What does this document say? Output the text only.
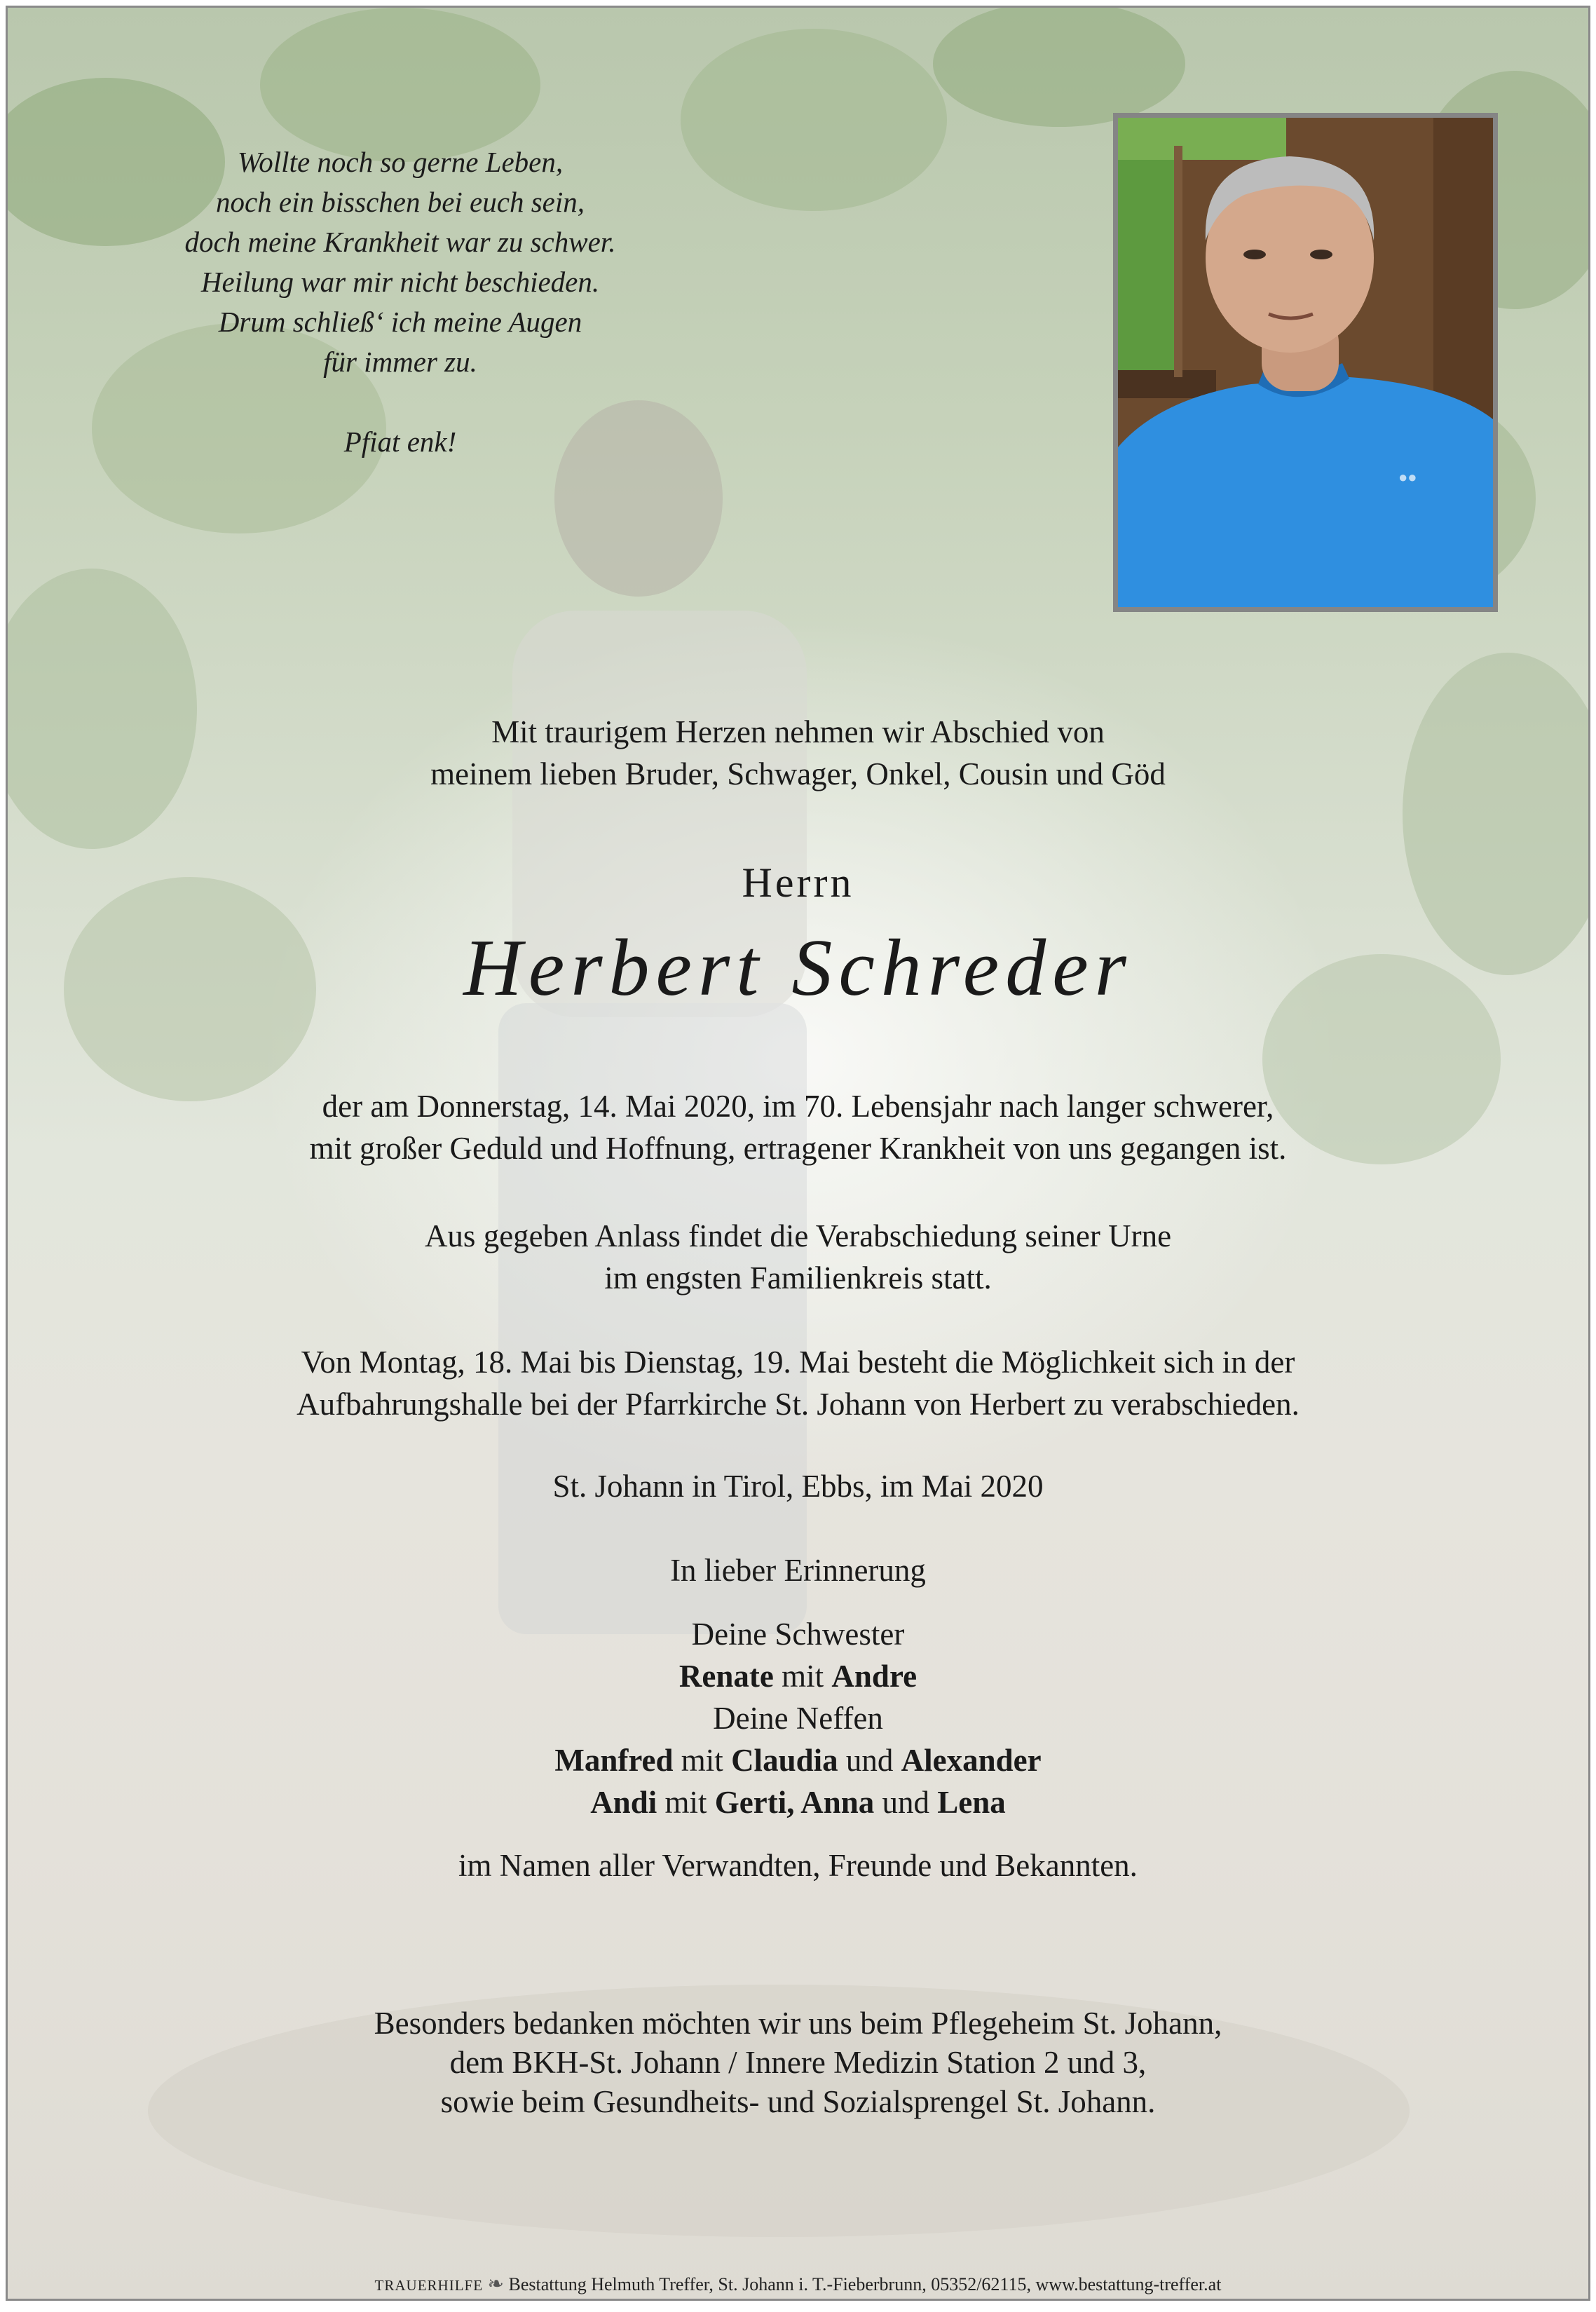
Wollte noch so gerne Leben,
noch ein bisschen bei euch sein,
doch meine Krankheit war zu schwer.
Heilung war mir nicht beschieden.
Drum schließ‘ ich meine Augen
für immer zu.
Pfiat enk!
●●
Mit traurigem Herzen nehmen wir Abschied von
meinem lieben Bruder, Schwager, Onkel, Cousin und Göd
Herrn
Herbert Schreder
der am Donnerstag, 14. Mai 2020, im 70. Lebensjahr nach langer schwerer,
mit großer Geduld und Hoffnung, ertragener Krankheit von uns gegangen ist.
Aus gegeben Anlass findet die Verabschiedung seiner Urne
im engsten Familienkreis statt.
Von Montag, 18. Mai bis Dienstag, 19. Mai besteht die Möglichkeit sich in der
Aufbahrungshalle bei der Pfarrkirche St. Johann von Herbert zu verabschieden.
St. Johann in Tirol, Ebbs, im Mai 2020
In lieber Erinnerung
Deine Schwester
Renate mit Andre
Deine Neffen
Manfred mit Claudia und Alexander
Andi mit Gerti, Anna und Lena
im Namen aller Verwandten, Freunde und Bekannten.
Besonders bedanken möchten wir uns beim Pflegeheim St. Johann,
dem BKH-St. Johann / Innere Medizin Station 2 und 3,
sowie beim Gesundheits- und Sozialsprengel St. Johann.
TRAUERHILFE ❧ Bestattung Helmuth Treffer, St. Johann i. T.-Fieberbrunn, 05352/62115, www.bestattung-treffer.at
